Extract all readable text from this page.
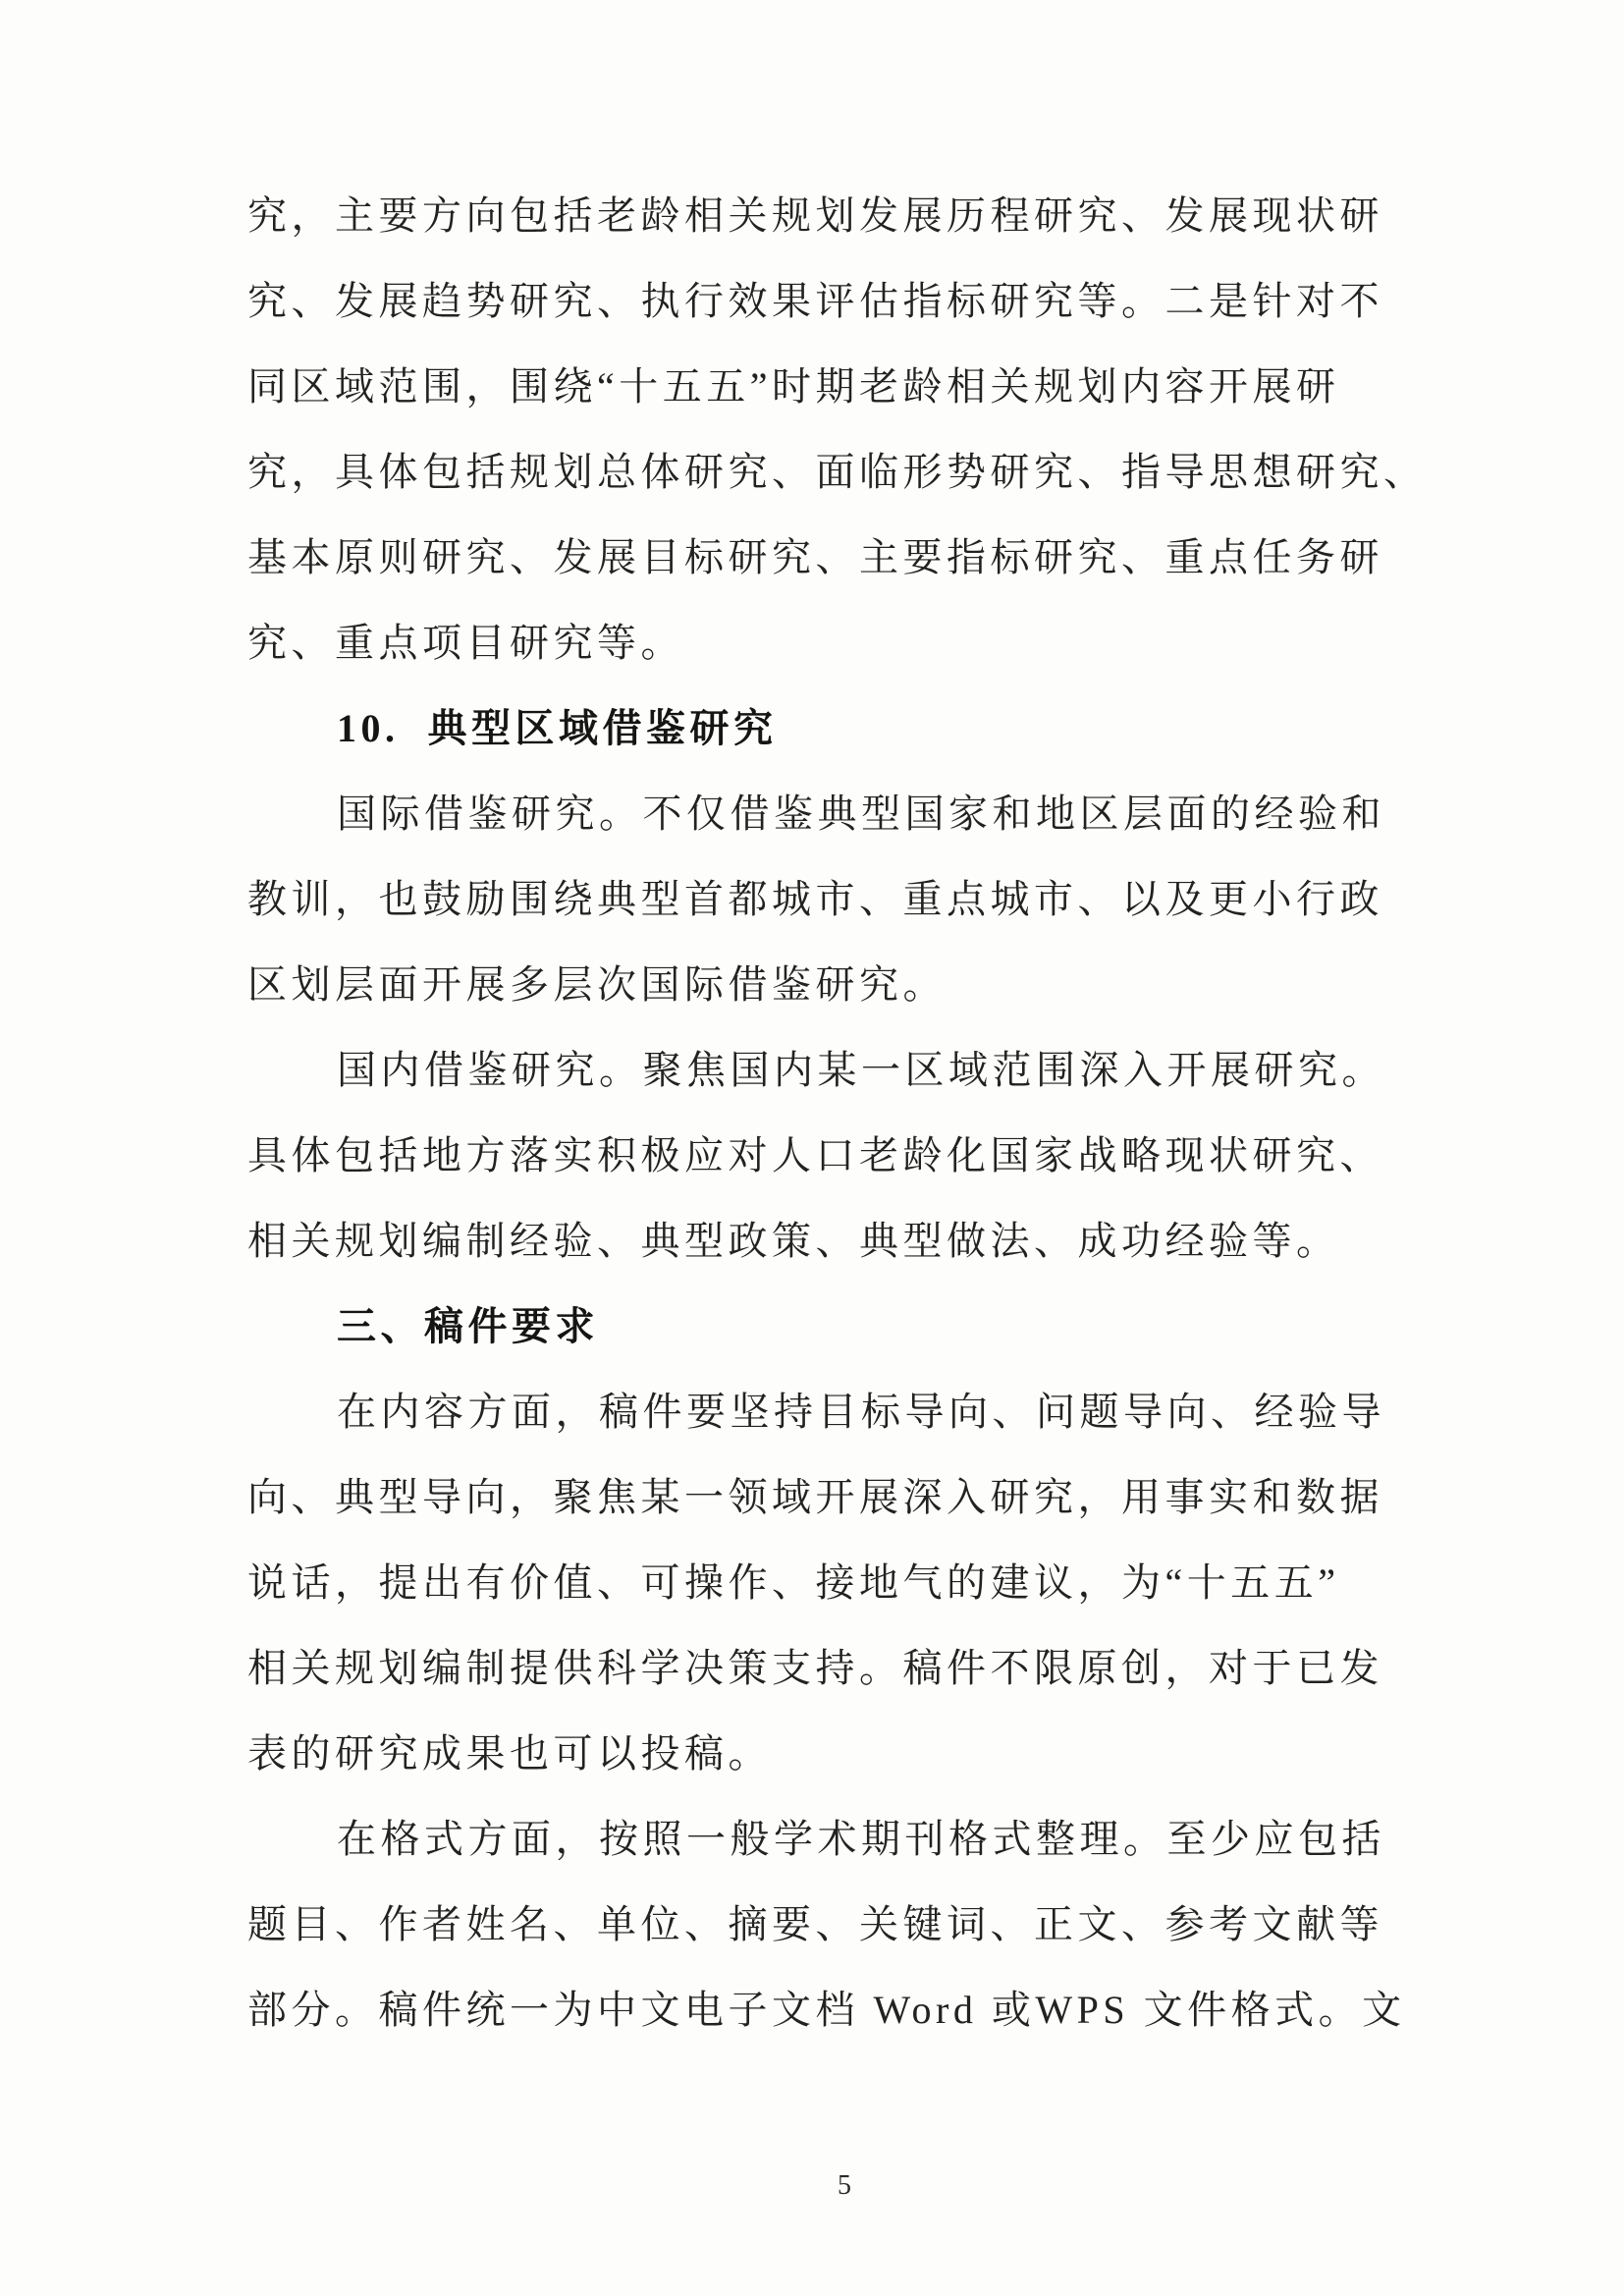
究，主要方向包括老龄相关规划发展历程研究、发展现状研
究、发展趋势研究、执行效果评估指标研究等。二是针对不
同区域范围，围绕“十五五”时期老龄相关规划内容开展研
究，具体包括规划总体研究、面临形势研究、指导思想研究、
基本原则研究、发展目标研究、主要指标研究、重点任务研
究、重点项目研究等。
10.  典型区域借鉴研究
国际借鉴研究。不仅借鉴典型国家和地区层面的经验和
教训，也鼓励围绕典型首都城市、重点城市、以及更小行政
区划层面开展多层次国际借鉴研究。
国内借鉴研究。聚焦国内某一区域范围深入开展研究。
具体包括地方落实积极应对人口老龄化国家战略现状研究、
相关规划编制经验、典型政策、典型做法、成功经验等。
三、稿件要求
在内容方面，稿件要坚持目标导向、问题导向、经验导
向、典型导向，聚焦某一领域开展深入研究，用事实和数据
说话，提出有价值、可操作、接地气的建议，为“十五五”
相关规划编制提供科学决策支持。稿件不限原创，对于已发
表的研究成果也可以投稿。
在格式方面，按照一般学术期刊格式整理。至少应包括
题目、作者姓名、单位、摘要、关键词、正文、参考文献等
部分。稿件统一为中文电子文档 Word 或WPS 文件格式。文
5
